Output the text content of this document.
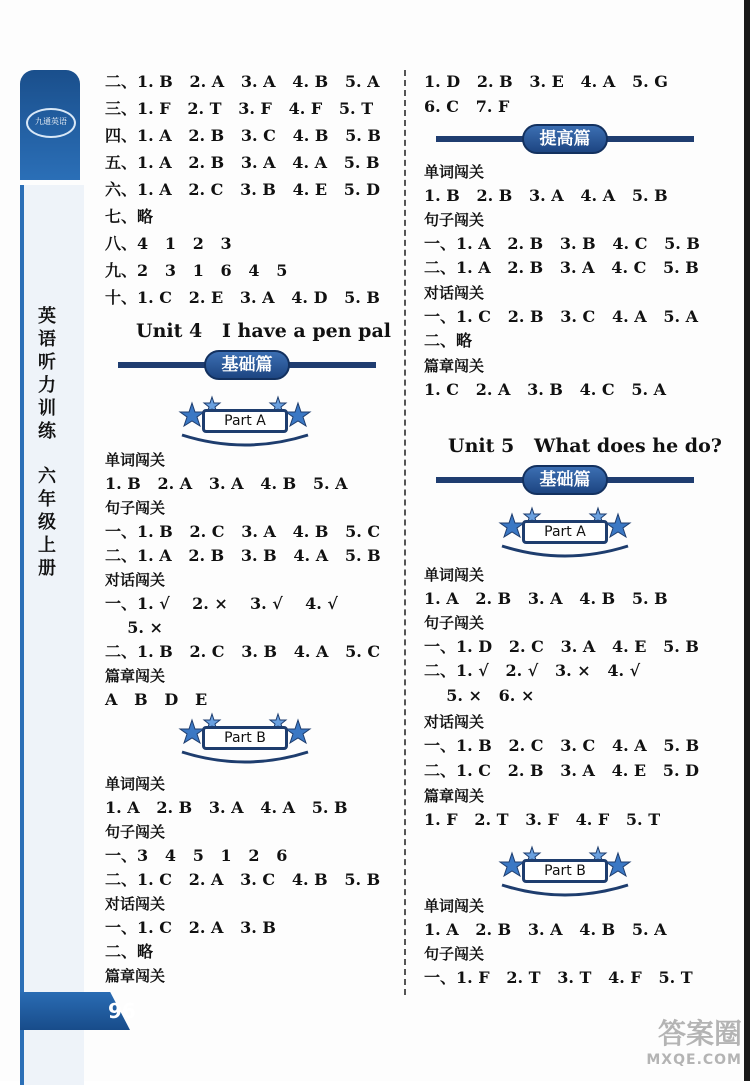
九通英语
英
语
听
力
训
练
六
年
级
上
册
96
二、1. B   2. A   3. A   4. B   5. A
三、1. F   2. T   3. F   4. F   5. T
四、1. A   2. B   3. C   4. B   5. B
五、1. A   2. B   3. A   4. A   5. B
六、1. A   2. C   3. B   4. E   5. D
七、略
八、4   1   2   3
九、2   3   1   6   4   5
十、1. C   2. E   3. A   4. D   5. B
Unit 4   I have a pen pal
基础篇
Part A
单词闯关
1. B   2. A   3. A   4. B   5. A
句子闯关
一、1. B   2. C   3. A   4. B   5. C
二、1. A   2. B   3. B   4. A   5. B
对话闯关
一、1. √    2. ×    3. √    4. √
5. ×
二、1. B   2. C   3. B   4. A   5. C
篇章闯关
A   B   D   E
Part B
单词闯关
1. A   2. B   3. A   4. A   5. B
句子闯关
一、3   4   5   1   2   6
二、1. C   2. A   3. C   4. B   5. B
对话闯关
一、1. C   2. A   3. B
二、略
篇章闯关
1. D   2. B   3. E   4. A   5. G
6. C   7. F
提高篇
单词闯关
1. B   2. B   3. A   4. A   5. B
句子闯关
一、1. A   2. B   3. B   4. C   5. B
二、1. A   2. B   3. A   4. C   5. B
对话闯关
一、1. C   2. B   3. C   4. A   5. A
二、略
篇章闯关
1. C   2. A   3. B   4. C   5. A
Unit 5   What does he do?
基础篇
Part A
单词闯关
1. A   2. B   3. A   4. B   5. B
句子闯关
一、1. D   2. C   3. A   4. E   5. B
二、1. √   2. √   3. ×   4. √
5. ×   6. ×
对话闯关
一、1. B   2. C   3. C   4. A   5. B
二、1. C   2. B   3. A   4. E   5. D
篇章闯关
1. F   2. T   3. F   4. F   5. T
Part B
单词闯关
1. A   2. B   3. A   4. B   5. A
句子闯关
一、1. F   2. T   3. T   4. F   5. T
答案圈
MXQE.COM
